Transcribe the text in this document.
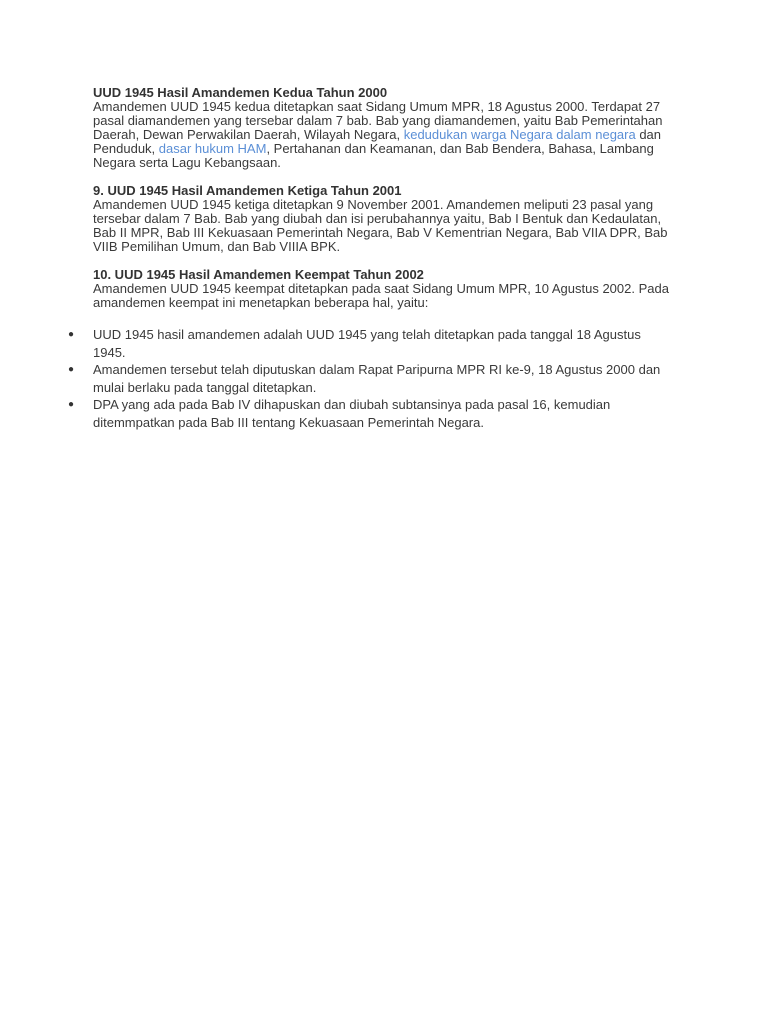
UUD 1945 Hasil Amandemen Kedua Tahun 2000

Amandemen UUD 1945 kedua ditetapkan saat Sidang Umum MPR, 18 Agustus 2000. Terdapat 27 pasal diamandemen yang tersebar dalam 7 bab. Bab yang diamandemen, yaitu Bab Pemerintahan Daerah, Dewan Perwakilan Daerah, Wilayah Negara, kedudukan warga Negara dalam negara dan Penduduk, dasar hukum HAM, Pertahanan dan Keamanan, dan Bab Bendera, Bahasa, Lambang Negara serta Lagu Kebangsaan.

9. UUD 1945 Hasil Amandemen Ketiga Tahun 2001

Amandemen UUD 1945 ketiga ditetapkan 9 November 2001. Amandemen meliputi 23 pasal yang tersebar dalam 7 Bab. Bab yang diubah dan isi perubahannya yaitu, Bab I Bentuk dan Kedaulatan, Bab II MPR, Bab III Kekuasaan Pemerintah Negara, Bab V Kementrian Negara, Bab VIIA DPR, Bab VIIB Pemilihan Umum, dan Bab VIIIA BPK.

10. UUD 1945 Hasil Amandemen Keempat Tahun 2002

Amandemen UUD 1945 keempat ditetapkan pada saat Sidang Umum MPR, 10 Agustus 2002. Pada amandemen keempat ini menetapkan beberapa hal, yaitu:

● UUD 1945 hasil amandemen adalah UUD 1945 yang telah ditetapkan pada tanggal 18 Agustus 1945.
● Amandemen tersebut telah diputuskan dalam Rapat Paripurna MPR RI ke-9, 18 Agustus 2000 dan mulai berlaku pada tanggal ditetapkan.
● DPA yang ada pada Bab IV dihapuskan dan diubah subtansinya pada pasal 16, kemudian ditemmpatkan pada Bab III tentang Kekuasaan Pemerintah Negara.
